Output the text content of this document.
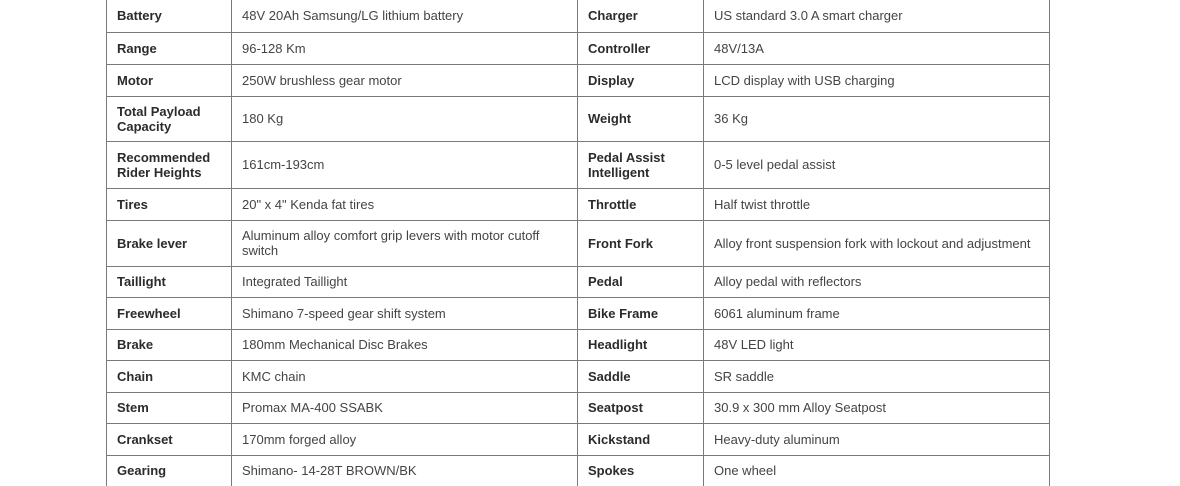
Battery	48V 20Ah Samsung/LG lithium battery	Charger	US standard 3.0 A smart charger
Range	96-128 Km	Controller	48V/13A
Motor	250W brushless gear motor	Display	LCD display with USB charging
Total Payload Capacity	180 Kg	Weight	36 Kg
Recommended Rider Heights	161cm-193cm	Pedal Assist Intelligent	0-5 level pedal assist
Tires	20" x 4" Kenda fat tires	Throttle	Half twist throttle
Brake lever	Aluminum alloy comfort grip levers with motor cutoff switch	Front Fork	Alloy front suspension fork with lockout and adjustment
Taillight	Integrated Taillight	Pedal	Alloy pedal with reflectors
Freewheel	Shimano 7-speed gear shift system	Bike Frame	6061 aluminum frame
Brake	180mm Mechanical Disc Brakes	Headlight	48V LED light
Chain	KMC chain	Saddle	SR saddle
Stem	Promax MA-400 SSABK	Seatpost	30.9 x 300 mm Alloy Seatpost
Crankset	170mm forged alloy	Kickstand	Heavy-duty aluminum
Gearing	Shimano- 14-28T BROWN/BK	Spokes	One wheel
